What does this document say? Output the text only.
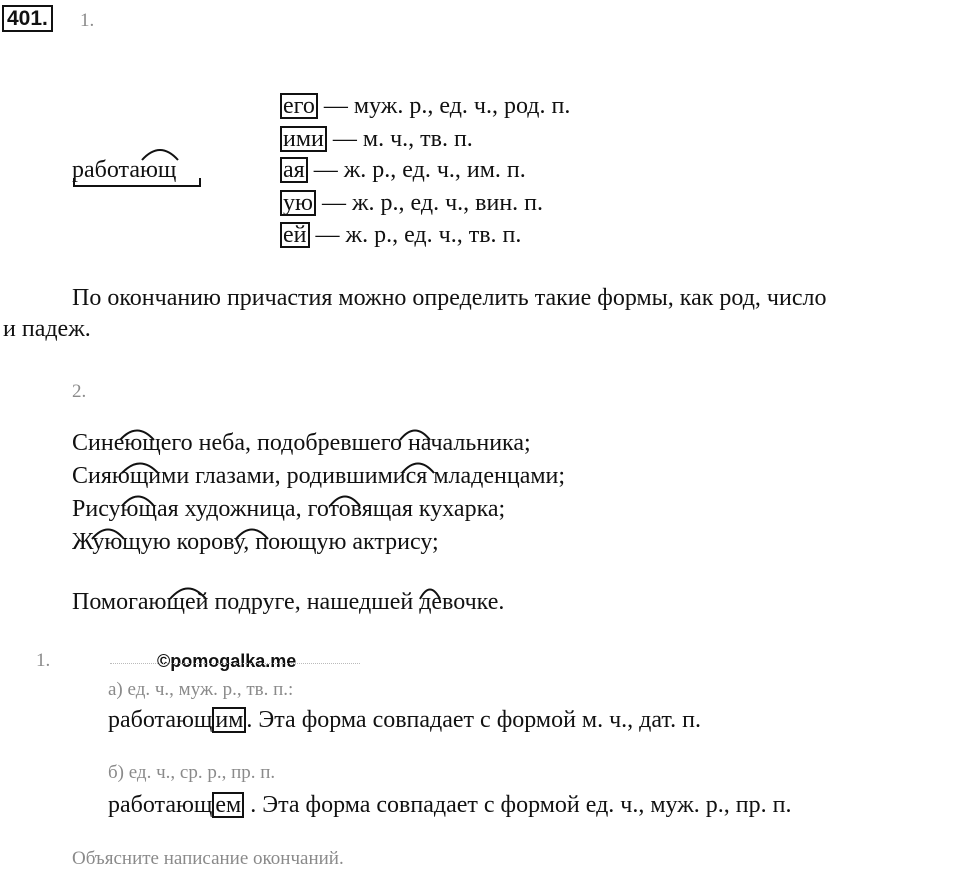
401. 1.
работающ
его — муж. р., ед. ч., род. п.
ими — м. ч., тв. п.
ая — ж. р., ед. ч., им. п.
ую — ж. р., ед. ч., вин. п.
ей — ж. р., ед. ч., тв. п.
По окончанию причастия можно определить такие формы, как род, число
и падеж.
2.
Синеющего неба, подобревшего начальника;
Сияющими глазами, родившимися младенцами;
Рисующая художница, готовящая кухарка;
Жующую корову, поющую актрису;
Помогающей подруге, нашедшей девочке.
1.	©pomogalka.me
а) ед. ч., муж. р., тв. п.:
работающ им . Эта форма совпадает с формой м. ч., дат. п.
б) ед. ч., ср. р., пр. п.
работающ ем . Эта форма совпадает с формой ед. ч., муж. р., пр. п.
Объясните написание окончаний.
